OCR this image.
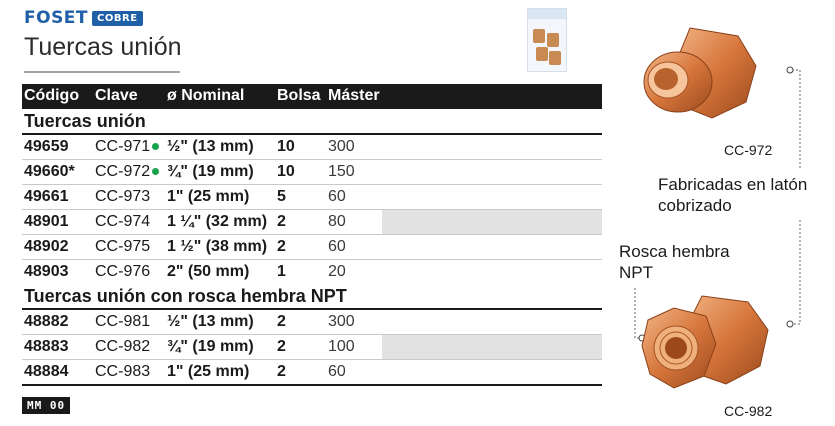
FOSET COBRE
Tuercas unión
Código Clave ø Nominal Bolsa Máster
Tuercas unión
49659 CC-971	½" (13 mm) 10 300
49660* CC-972	¾" (19 mm) 10 150
49661 CC-973 1" (25 mm) 5	60
48901 CC-974 1 ¼" (32 mm) 2	80
48902 CC-975 1 ½" (38 mm) 2	60
48903 CC-976 2" (50 mm) 1	20
Tuercas unión con rosca hembra NPT
48882 CC-981 ½" (13 mm) 2	300
48883 CC-982 ¾" (19 mm) 2	100
48884 CC-983 1" (25 mm) 2	60
MM 00
CC-972
Fabricadas en latón cobrizado
Rosca hembra NPT
CC-982
